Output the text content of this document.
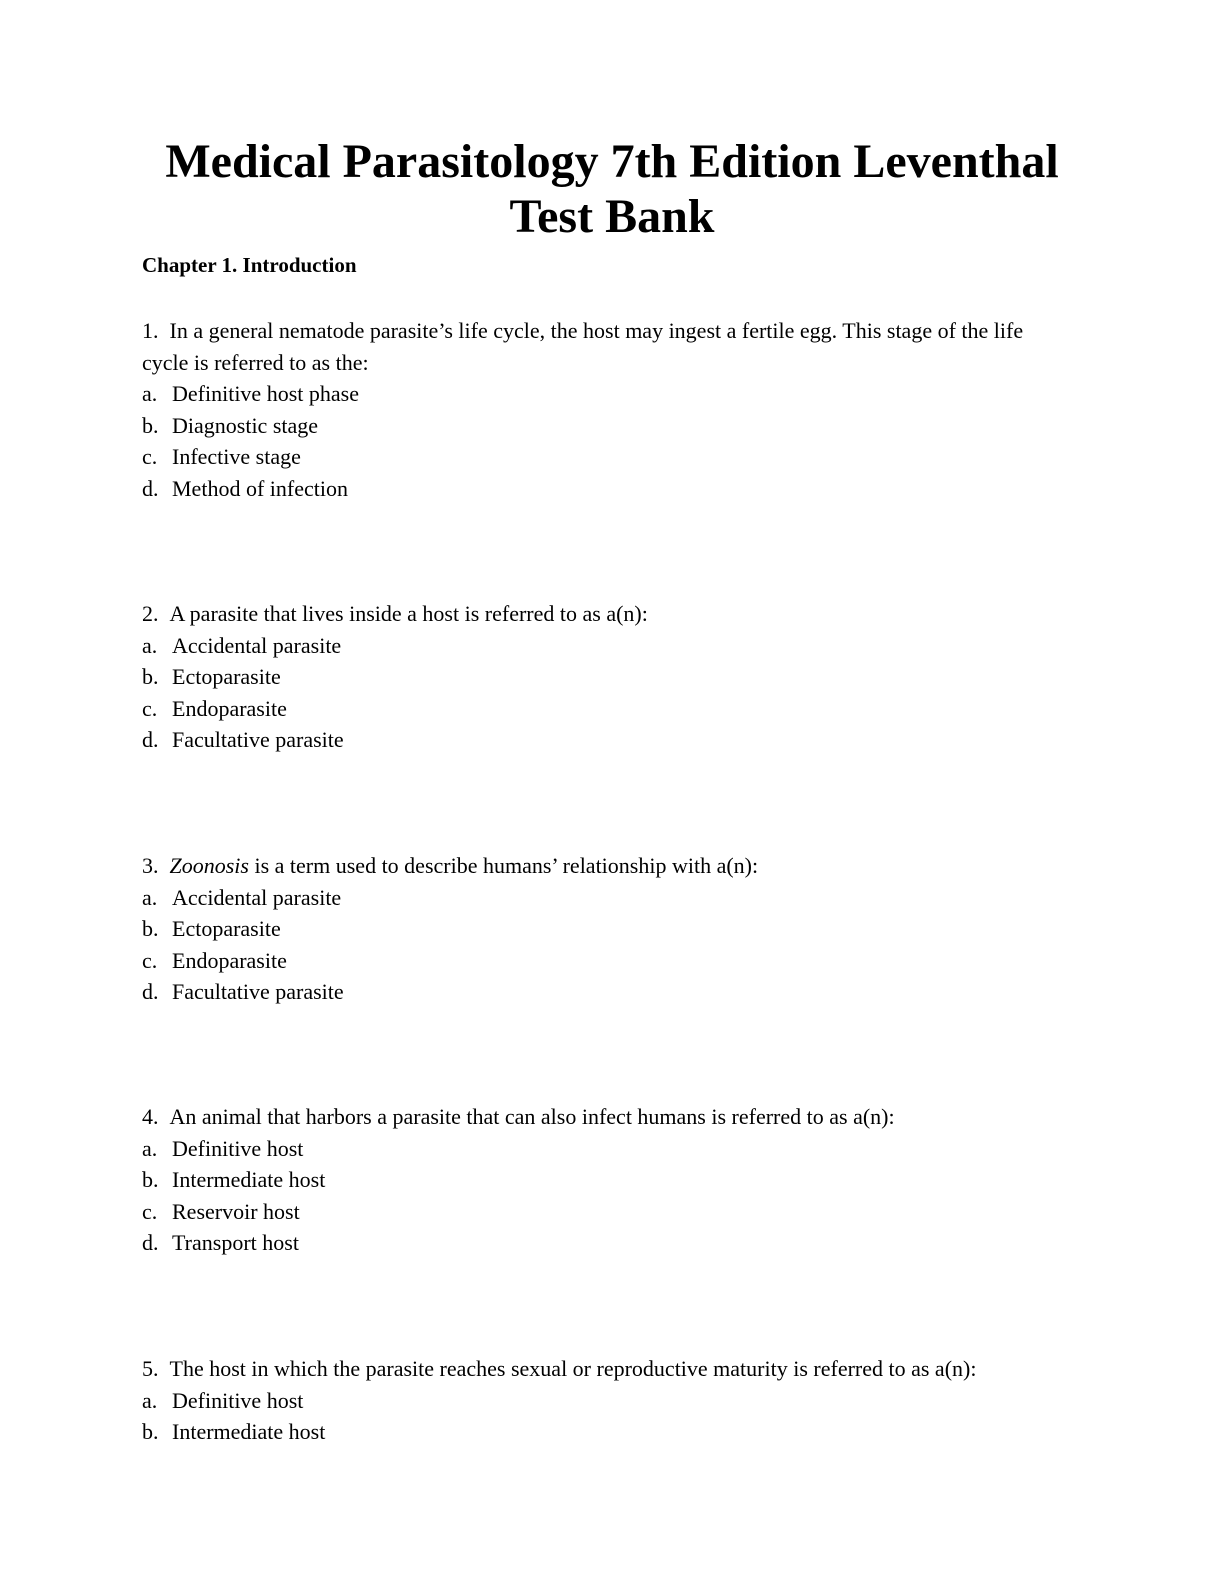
Medical Parasitology 7th Edition Leventhal
Test Bank
Chapter 1. Introduction
1. In a general nematode parasite’s life cycle, the host may ingest a fertile egg. This stage of the life cycle is referred to as the:
a. Definitive host phase
b. Diagnostic stage
c. Infective stage
d. Method of infection
2. A parasite that lives inside a host is referred to as a(n):
a. Accidental parasite
b. Ectoparasite
c. Endoparasite
d. Facultative parasite
3. Zoonosis is a term used to describe humans’ relationship with a(n):
a. Accidental parasite
b. Ectoparasite
c. Endoparasite
d. Facultative parasite
4. An animal that harbors a parasite that can also infect humans is referred to as a(n):
a. Definitive host
b. Intermediate host
c. Reservoir host
d. Transport host
5. The host in which the parasite reaches sexual or reproductive maturity is referred to as a(n):
a. Definitive host
b. Intermediate host
